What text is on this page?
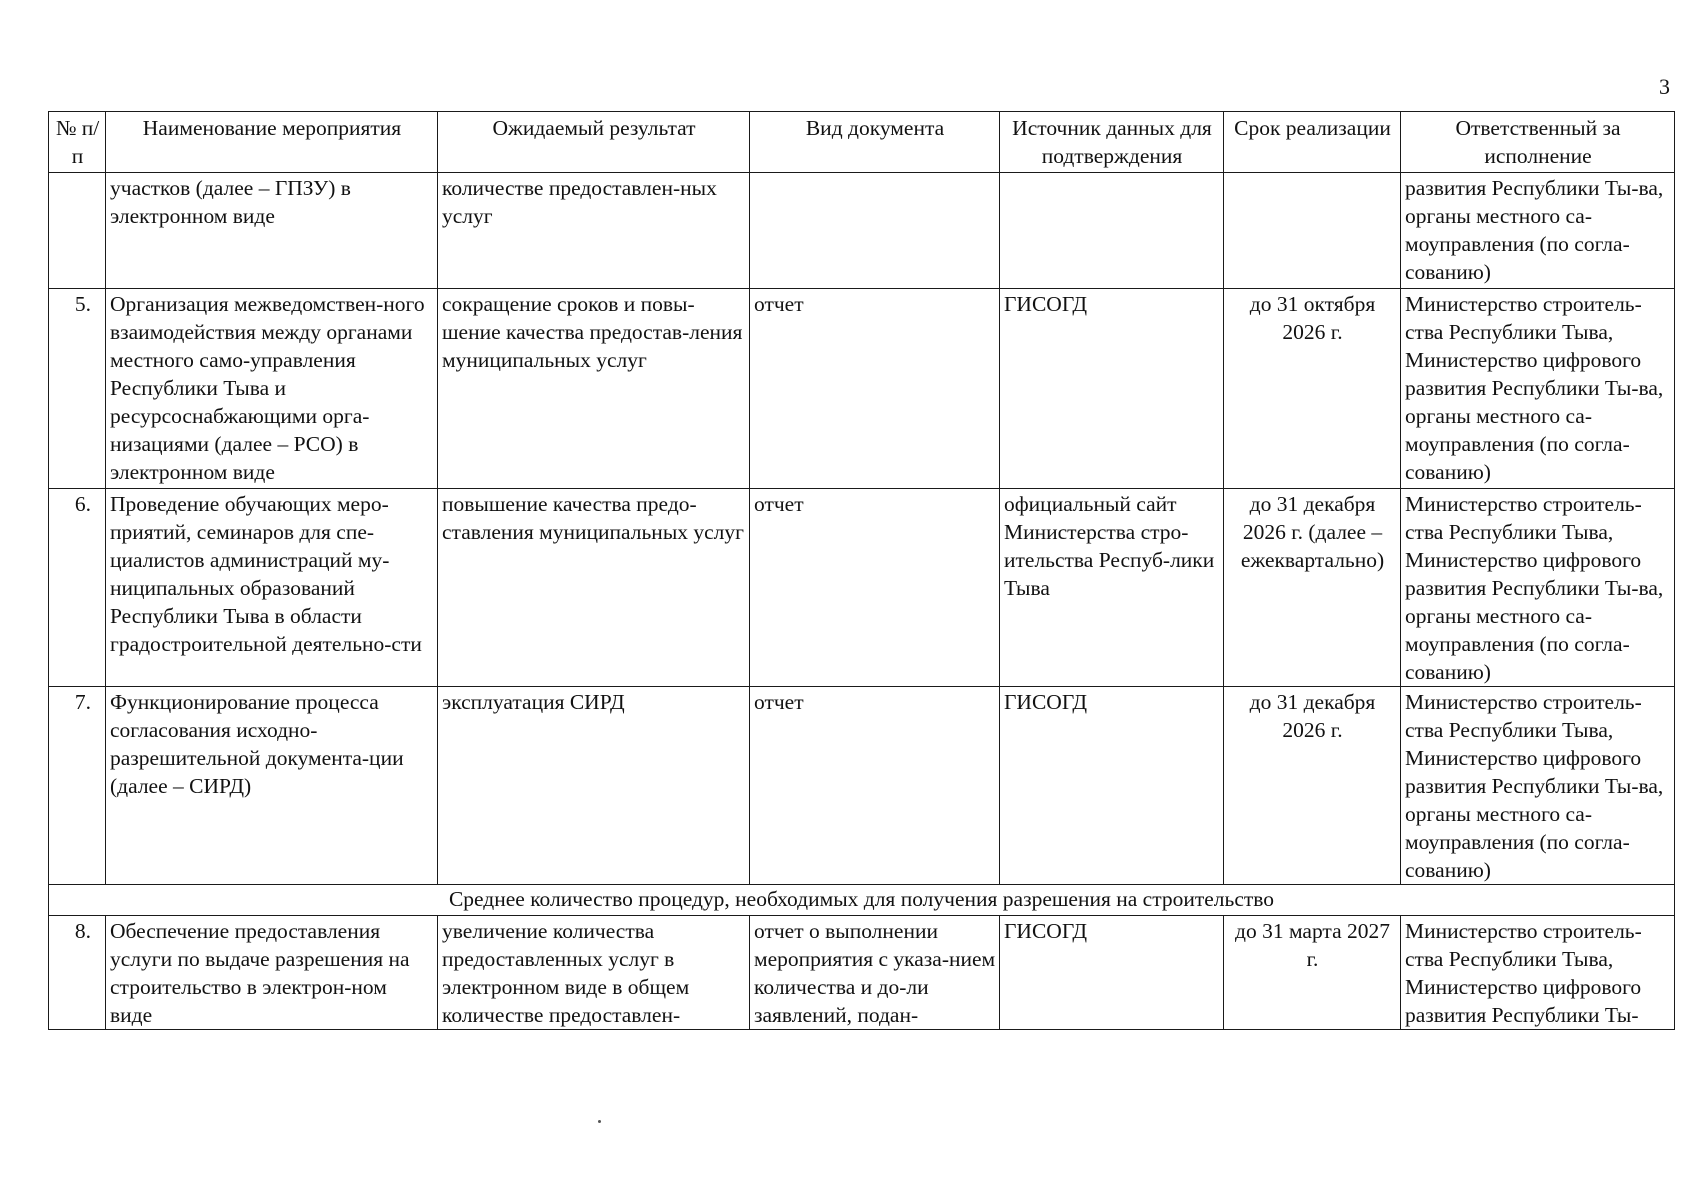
3
№ п/п	Наименование мероприятия	Ожидаемый результат	Вид документа	Источник данных для подтверждения	Срок реализации	Ответственный за исполнение
	участков (далее – ГПЗУ) в электронном виде	количестве предоставлен-ных услуг				развития Республики Ты-ва, органы местного са-моуправления (по согла-сованию)
5.	Организация межведомствен-ного взаимодействия между органами местного само-управления Республики Тыва и ресурсоснабжающими орга-низациями (далее – РСО) в электронном виде	сокращение сроков и повы-шение качества предостав-ления муниципальных услуг	отчет	ГИСОГД	до 31 октября 2026 г.	Министерство строитель-ства Республики Тыва, Министерство цифрового развития Республики Ты-ва, органы местного са-моуправления (по согла-сованию)
6.	Проведение обучающих меро-приятий, семинаров для спе-циалистов администраций му-ниципальных образований Республики Тыва в области градостроительной деятельно-сти	повышение качества предо-ставления муниципальных услуг	отчет	официальный сайт Министерства стро-ительства Респуб-лики Тыва	до 31 декабря 2026 г. (далее – ежеквартально)	Министерство строитель-ства Республики Тыва, Министерство цифрового развития Республики Ты-ва, органы местного са-моуправления (по согла-сованию)
7.	Функционирование процесса согласования исходно-разрешительной документа-ции (далее – СИРД)	эксплуатация СИРД	отчет	ГИСОГД	до 31 декабря 2026 г.	Министерство строитель-ства Республики Тыва, Министерство цифрового развития Республики Ты-ва, органы местного са-моуправления (по согла-сованию)
Среднее количество процедур, необходимых для получения разрешения на строительство						
8.	Обеспечение предоставления услуги по выдаче разрешения на строительство в электрон-ном виде	увеличение количества предоставленных услуг в электронном виде в общем количестве предоставлен-	отчет о выполнении мероприятия с указа-нием количества и до-ли заявлений, подан-	ГИСОГД	до 31 марта 2027 г.	Министерство строитель-ства Республики Тыва, Министерство цифрового развития Республики Ты-
